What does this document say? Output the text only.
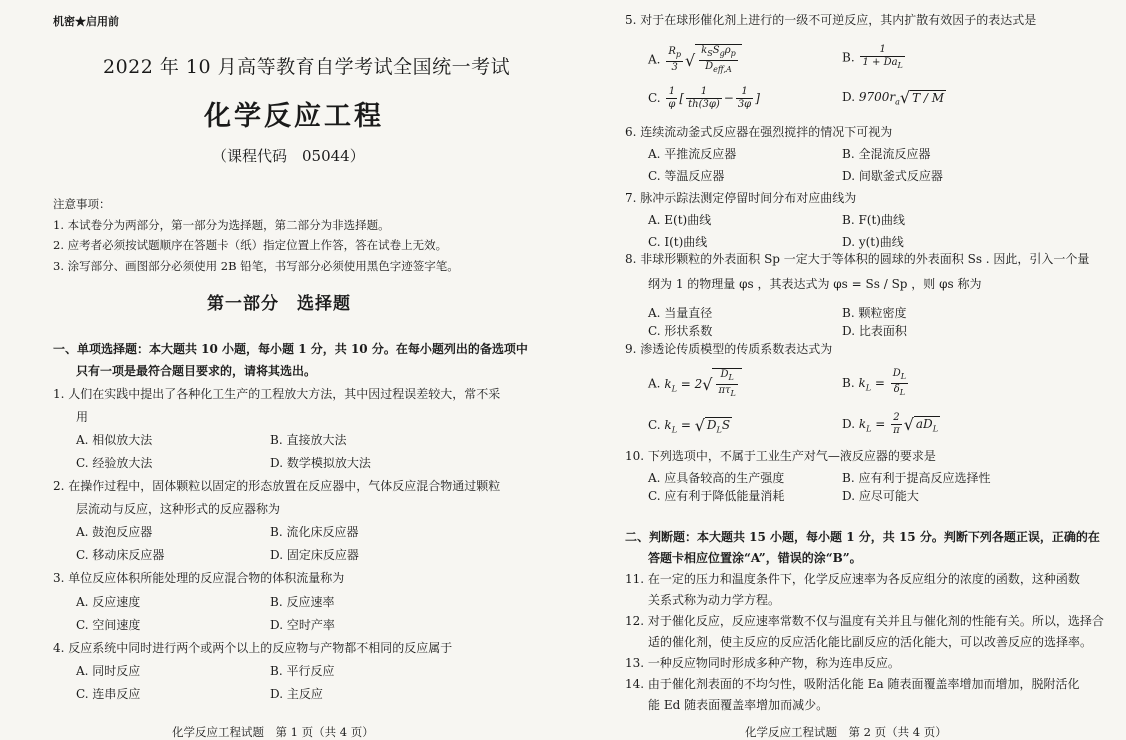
机密★启用前
2022 年 10 月高等教育自学考试全国统一考试
化学反应工程
（课程代码　05044）
注意事项：
1. 本试卷分为两部分，第一部分为选择题，第二部分为非选择题。
2. 应考者必须按试题顺序在答题卡（纸）指定位置上作答，答在试卷上无效。
3. 涂写部分、画图部分必须使用 2B 铅笔，书写部分必须使用黑色字迹签字笔。
第一部分　选择题
一、单项选择题：本大题共 10 小题，每小题 1 分，共 10 分。在每小题列出的备选项中
只有一项是最符合题目要求的，请将其选出。
1. 人们在实践中提出了各种化工生产的工程放大方法，其中因过程误差较大，常不采
用
A. 相似放大法	B. 直接放大法
C. 经验放大法	D. 数学模拟放大法
2. 在操作过程中，固体颗粒以固定的形态放置在反应器中，气体反应混合物通过颗粒
层流动与反应，这种形式的反应器称为
A. 鼓泡反应器	B. 流化床反应器
C. 移动床反应器	D. 固定床反应器
3. 单位反应体积所能处理的反应混合物的体积流量称为
A. 反应速度	B. 反应速率
C. 空间速度	D. 空时产率
4. 反应系统中同时进行两个或两个以上的反应物与产物都不相同的反应属于
A. 同时反应	B. 平行反应
C. 连串反应	D. 主反应
化学反应工程试题　第 1 页（共 4 页）
5. 对于在球形催化剂上进行的一级不可逆反应，其内扩散有效因子的表达式是
A. $\frac{R_p}{3}$ √ $\frac{k_SS_g\rho_p}{D_{eff,A}}$	B. $\frac{1}{1 + Da_L}$
C. $\frac{1}{\varphi}$ [ $\frac{1}{th(3\varphi)} - \frac{1}{3\varphi}$ ]	D. $9700r_a√$ T / M
6. 连续流动釜式反应器在强烈搅拌的情况下可视为
A. 平推流反应器	B. 全混流反应器
C. 等温反应器	D. 间歇釜式反应器
7. 脉冲示踪法测定停留时间分布对应曲线为
A. E(t)曲线	B. F(t)曲线
C. I(t)曲线	D. y(t)曲线
8. 非球形颗粒的外表面积 Sp 一定大于等体积的圆球的外表面积 Ss . 因此，引入一个量
纲为 1 的物理量 φs ，其表达式为 φs = Ss / Sp ，则 φs 称为
A. 当量直径	B. 颗粒密度
C. 形状系数	D. 比表面积
9. 渗透论传质模型的传质系数表达式为
A. $k_L = 2√ \frac{D_L}{\pi\tau_L}$	B. $k_L = \frac{D_L}{\delta_L}$
C. $k_L$ = √ $D_LS$	D. $k_L = \frac{2}{\pi}$ √ $aD_L$
10. 下列选项中，不属于工业生产对气—液反应器的要求是
A. 应具备较高的生产强度	B. 应有利于提高反应选择性
C. 应有利于降低能量消耗	D. 应尽可能大
二、判断题：本大题共 15 小题，每小题 1 分，共 15 分。判断下列各题正误，正确的在
答题卡相应位置涂“A”，错误的涂“B”。
11. 在一定的压力和温度条件下，化学反应速率为各反应组分的浓度的函数，这种函数
关系式称为动力学方程。
12. 对于催化反应，反应速率常数不仅与温度有关并且与催化剂的性能有关。所以，选择合
适的催化剂，使主反应的反应活化能比副反应的活化能大，可以改善反应的选择率。
13. 一种反应物同时形成多种产物，称为连串反应。
14. 由于催化剂表面的不均匀性，吸附活化能 Ea 随表面覆盖率增加而增加，脱附活化
能 Ed 随表面覆盖率增加而减少。
化学反应工程试题　第 2 页（共 4 页）
